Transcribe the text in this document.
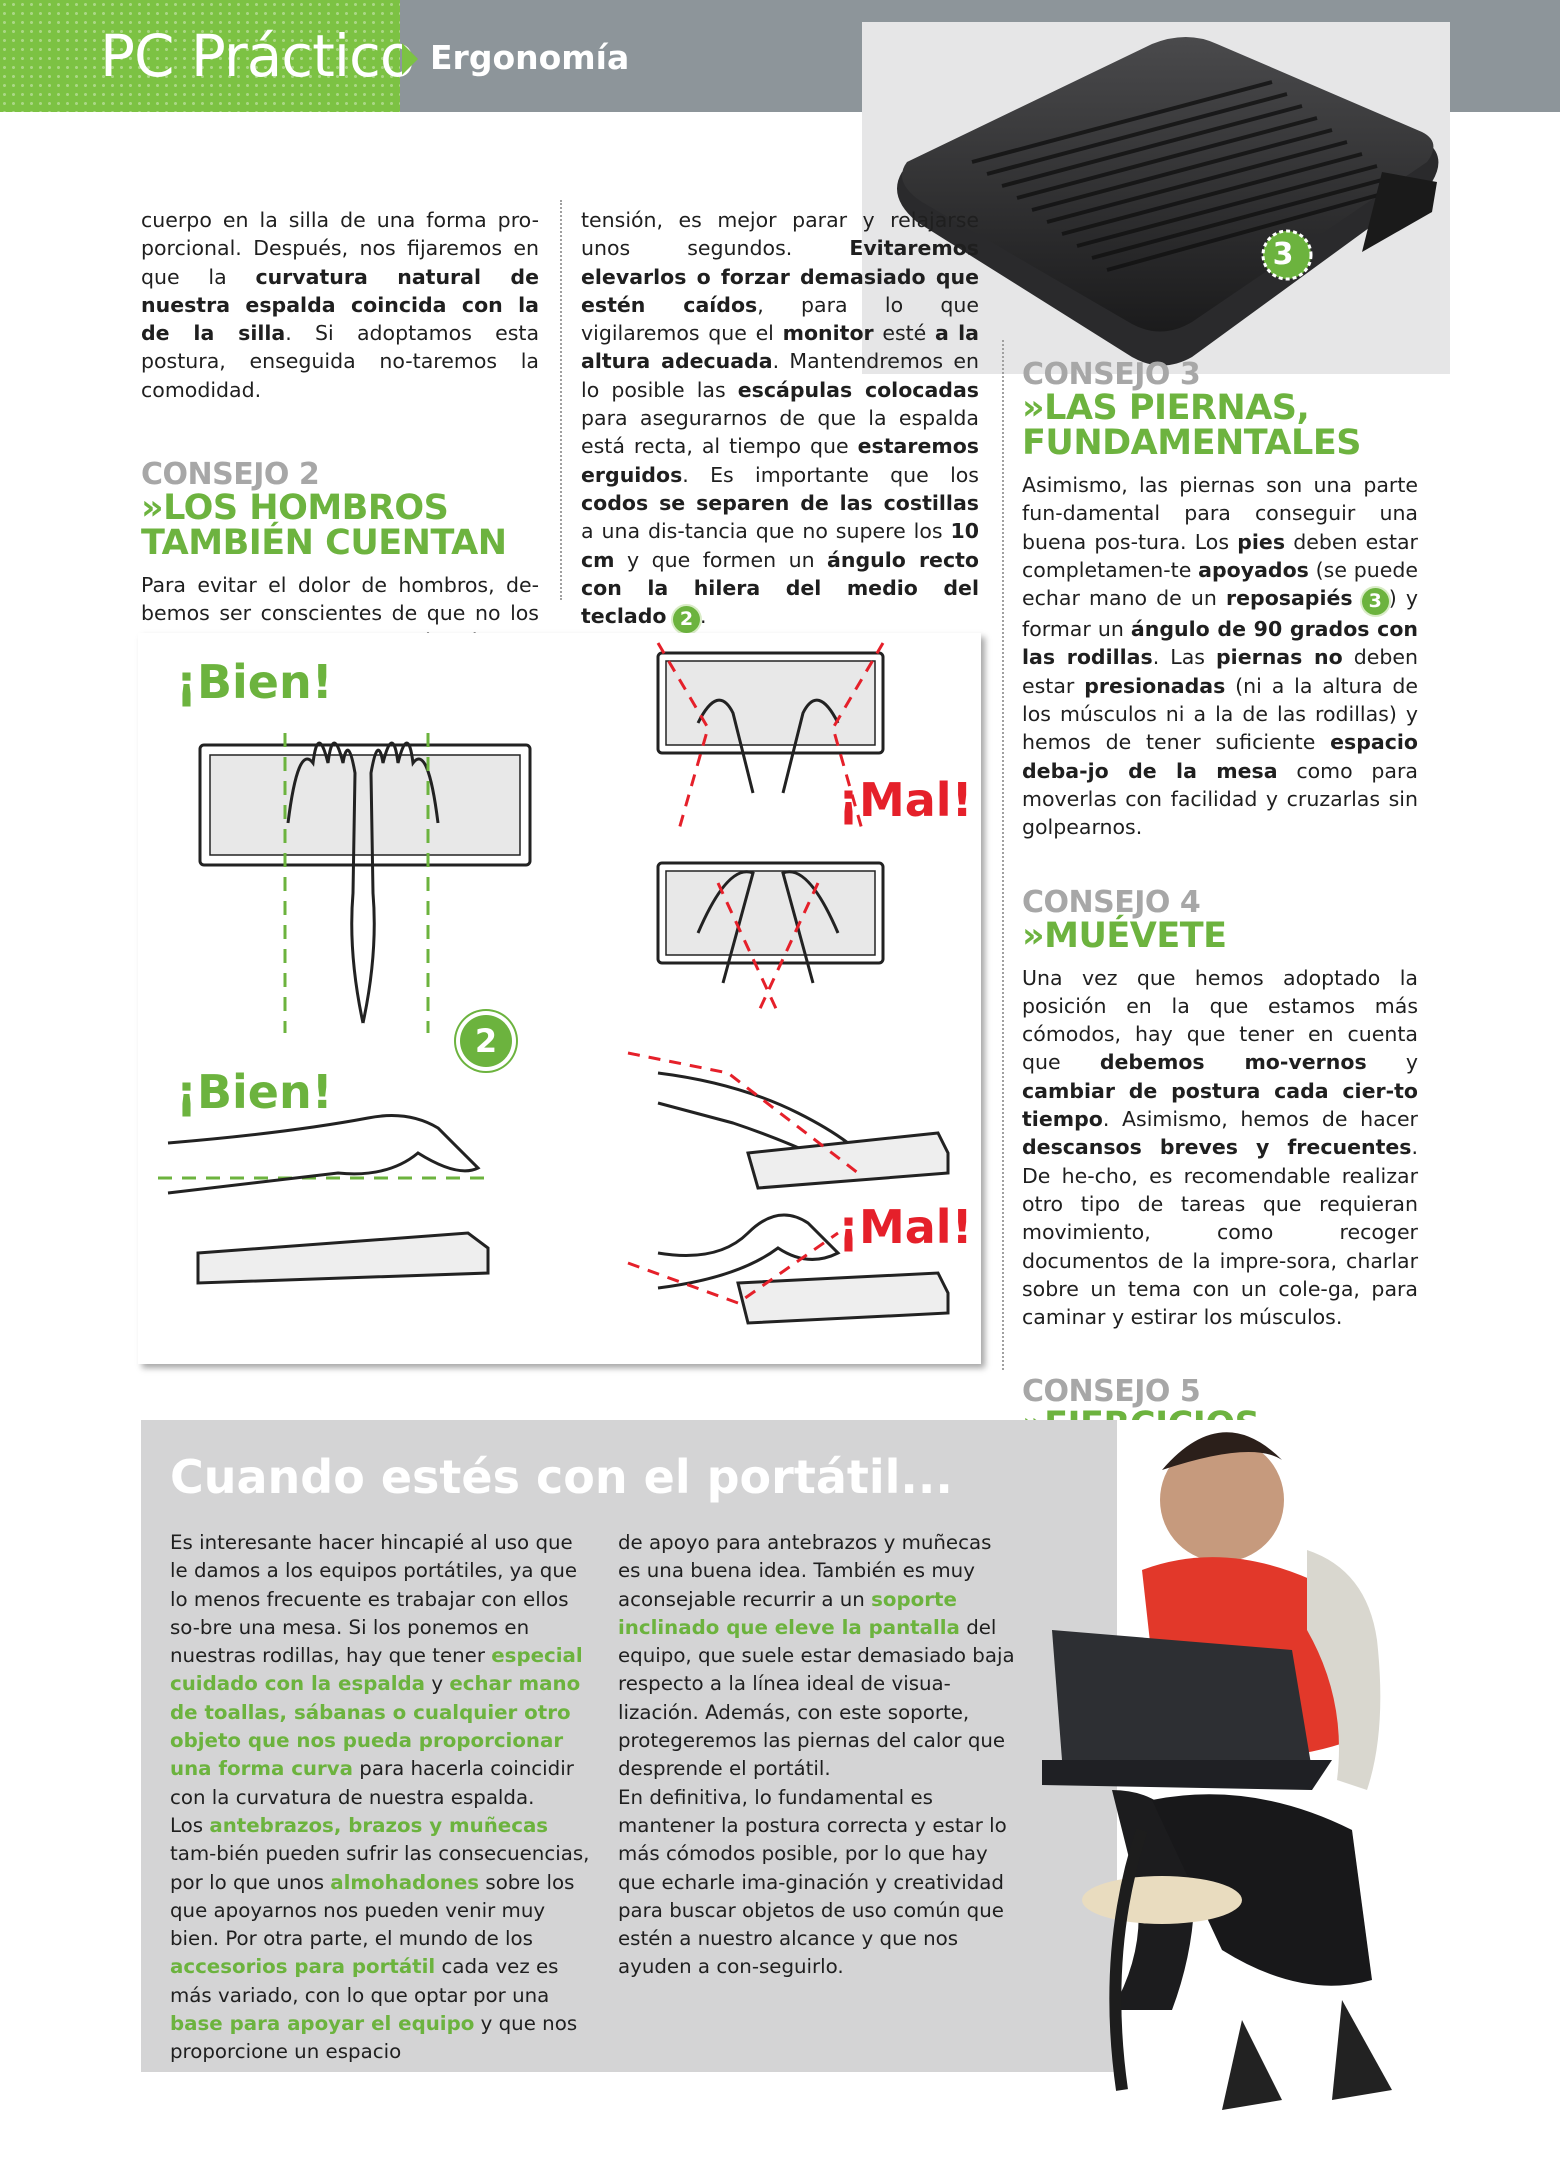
PC Práctico Ergonomía
3

cuerpo en la silla de una forma pro-porcional. Después, nos fijaremos en que la curvatura natural de nuestra espalda coincida con la de la silla. Si adoptamos esta postura, enseguida no-taremos la comodidad.

CONSEJO 2
»LOS HOMBROS
TAMBIÉN CUENTAN

Para evitar el dolor de hombros, de-bemos ser conscientes de que no los

tensión, es mejor parar y relajarse unos segundos. Evitaremos elevarlos o forzar demasiado que estén caídos, para lo que vigilaremos que el monitor esté a la altura adecuada. Mantendremos en lo posible las escápulas colocadas para asegurarnos de que la espalda está recta, al tiempo que estaremos erguidos. Es importante que los codos se separen de las costillas a una dis-tancia que no supere los 10 cm y que formen un ángulo recto con la hilera del medio del teclado 2 .

CONSEJO 3
»LAS PIERNAS,
FUNDAMENTALES

Asimismo, las piernas son una parte fun-damental para conseguir una buena pos-tura. Los pies deben estar completamen-te apoyados (se puede echar mano de un reposapiés 3 ) y formar un ángulo de 90 grados con las rodillas. Las piernas no deben estar presionadas (ni a la altura de los músculos ni a la de las rodillas) y hemos de tener suficiente espacio deba-jo de la mesa como para moverlas con facilidad y cruzarlas sin golpearnos.

CONSEJO 4
»MUÉVETE

Una vez que hemos adoptado la posición en la que estamos más cómodos, hay que tener en cuenta que debemos mo-vernos y cambiar de postura cada cier-to tiempo. Asimismo, hemos de hacer descansos breves y frecuentes. De he-cho, es recomendable realizar otro tipo de tareas que requieran movimiento, como recoger documentos de la impre-sora, charlar sobre un tema con un cole-ga, para caminar y estirar los músculos.

CONSEJO 5

¡Bien!
¡Bien!
¡Mal!
¡Mal!
2
Cuando estés con el portátil...

Es interesante hacer hincapié al uso que le damos a los equipos portátiles, ya que lo menos frecuente es trabajar con ellos so-bre una mesa. Si los ponemos en nuestras rodillas, hay que tener especial cuidado con la espalda y echar mano de toallas, sábanas o cualquier otro objeto que nos pueda proporcionar una forma curva para hacerla coincidir con la curvatura de nuestra espalda.
Los antebrazos, brazos y muñecas tam-bién pueden sufrir las consecuencias, por lo que unos almohadones sobre los que apoyarnos nos pueden venir muy bien. Por otra parte, el mundo de los accesorios para portátil cada vez es más variado, con lo que optar por una base para apoyar el equipo y que nos proporcione un espacio

de apoyo para antebrazos y muñecas es una buena idea. También es muy aconsejable recurrir a un soporte inclinado que eleve la pantalla del equipo, que suele estar demasiado baja respecto a la línea ideal de visua-lización. Además, con este soporte, protegeremos las piernas del calor que desprende el portátil.
En definitiva, lo fundamental es mantener la postura correcta y estar lo más cómodos posible, por lo que hay que echarle ima-ginación y creatividad para buscar objetos de uso común que estén a nuestro alcance y que nos ayuden a con-seguirlo.
